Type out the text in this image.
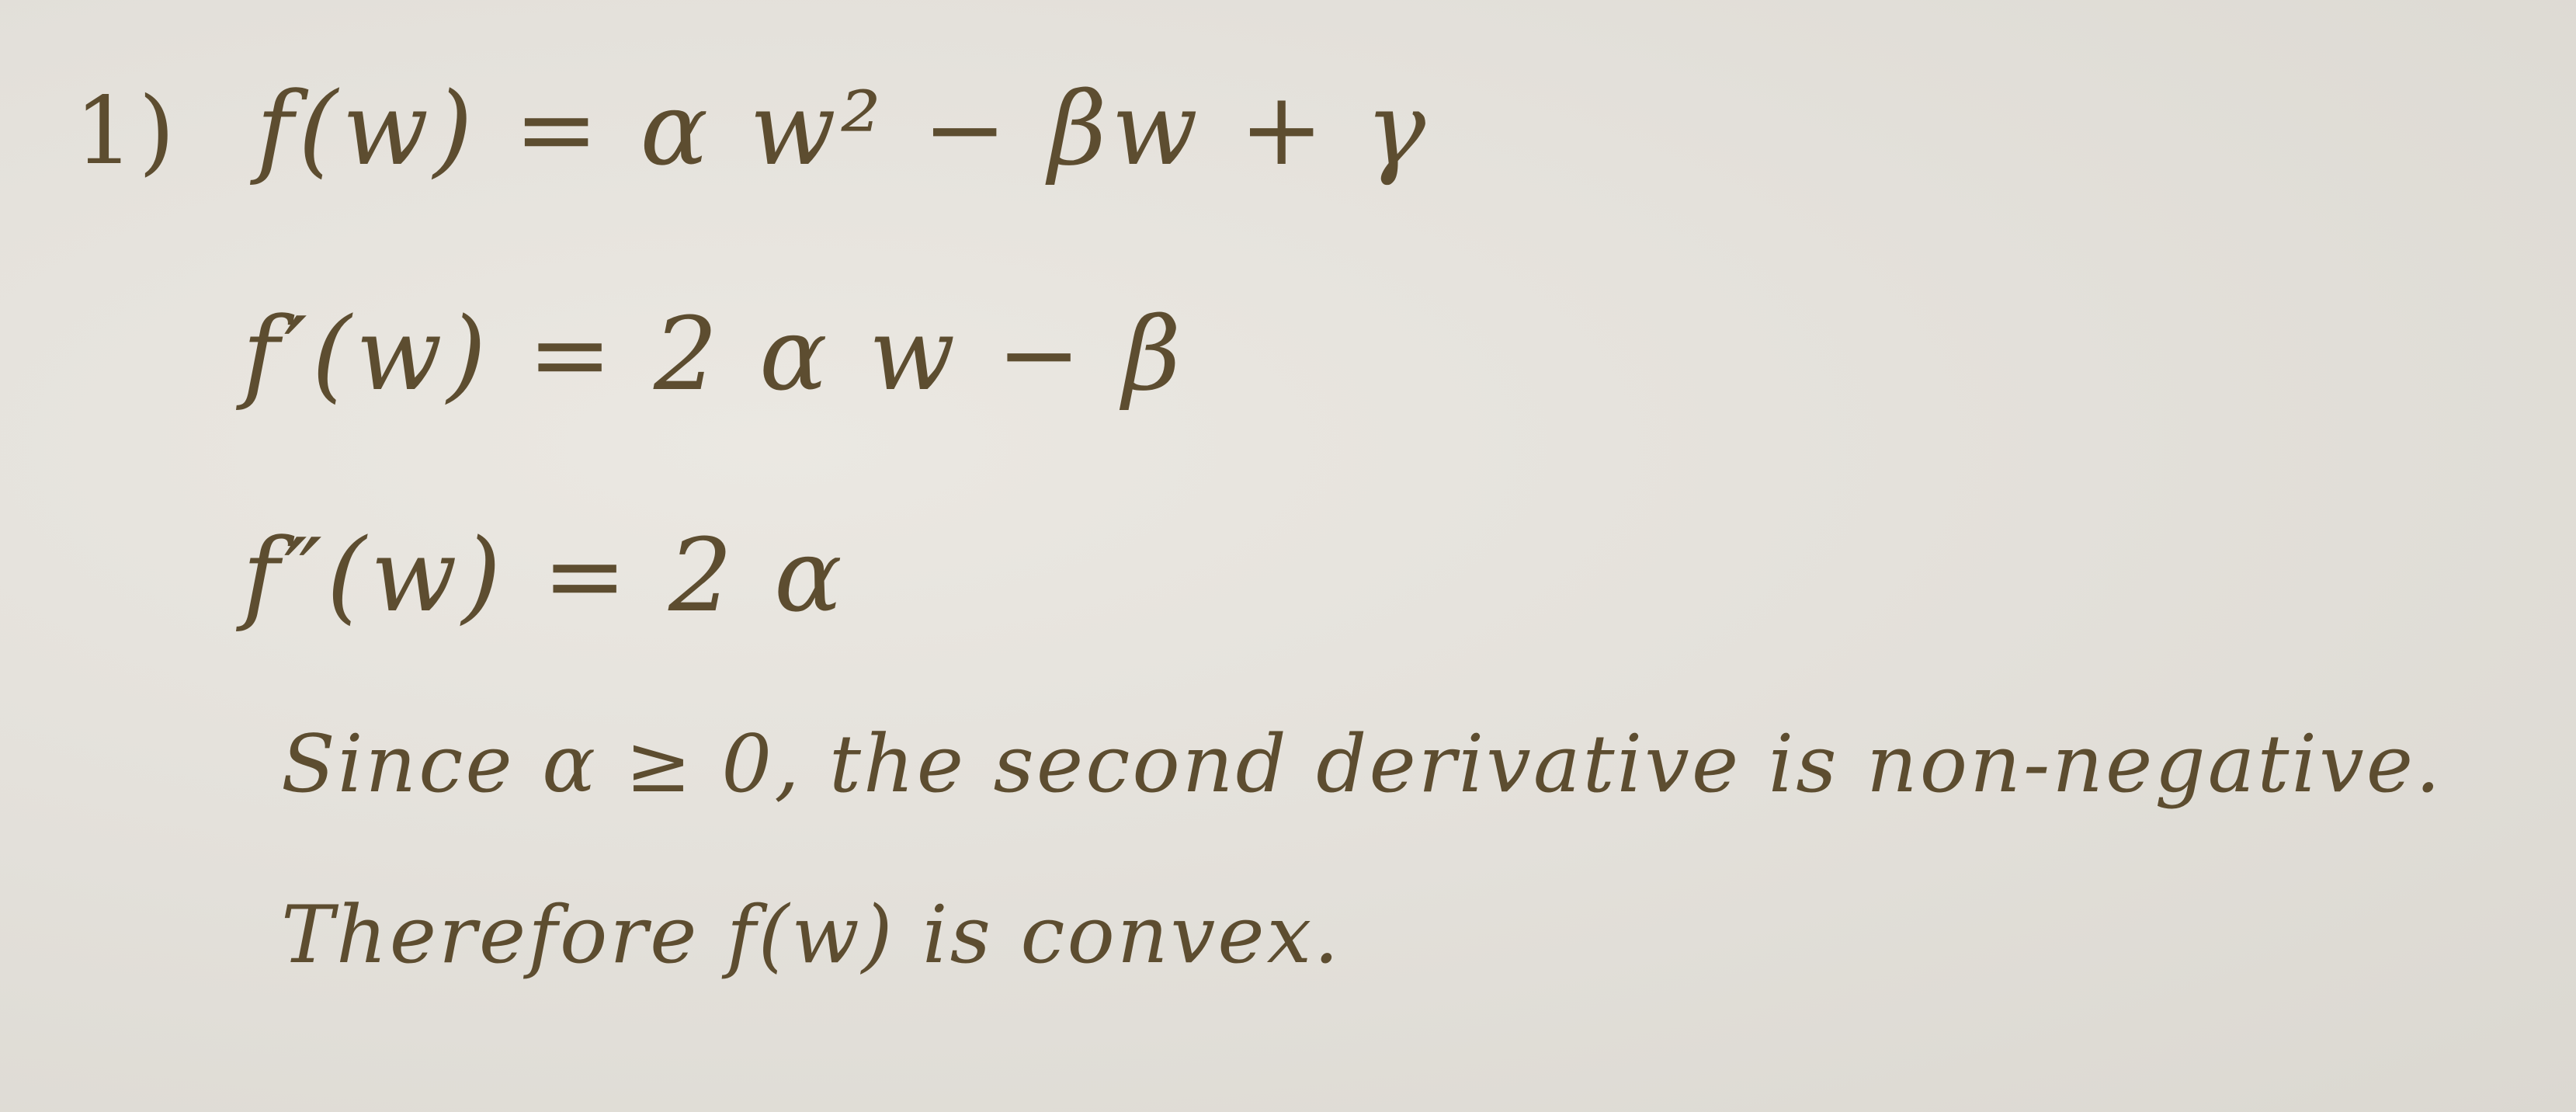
1) f(w) = α w² − βw + γ
f′(w) = 2 α w − β
f″(w) = 2 α
Since α ≥ 0, the second derivative is non-negative.
Therefore f(w) is convex.
